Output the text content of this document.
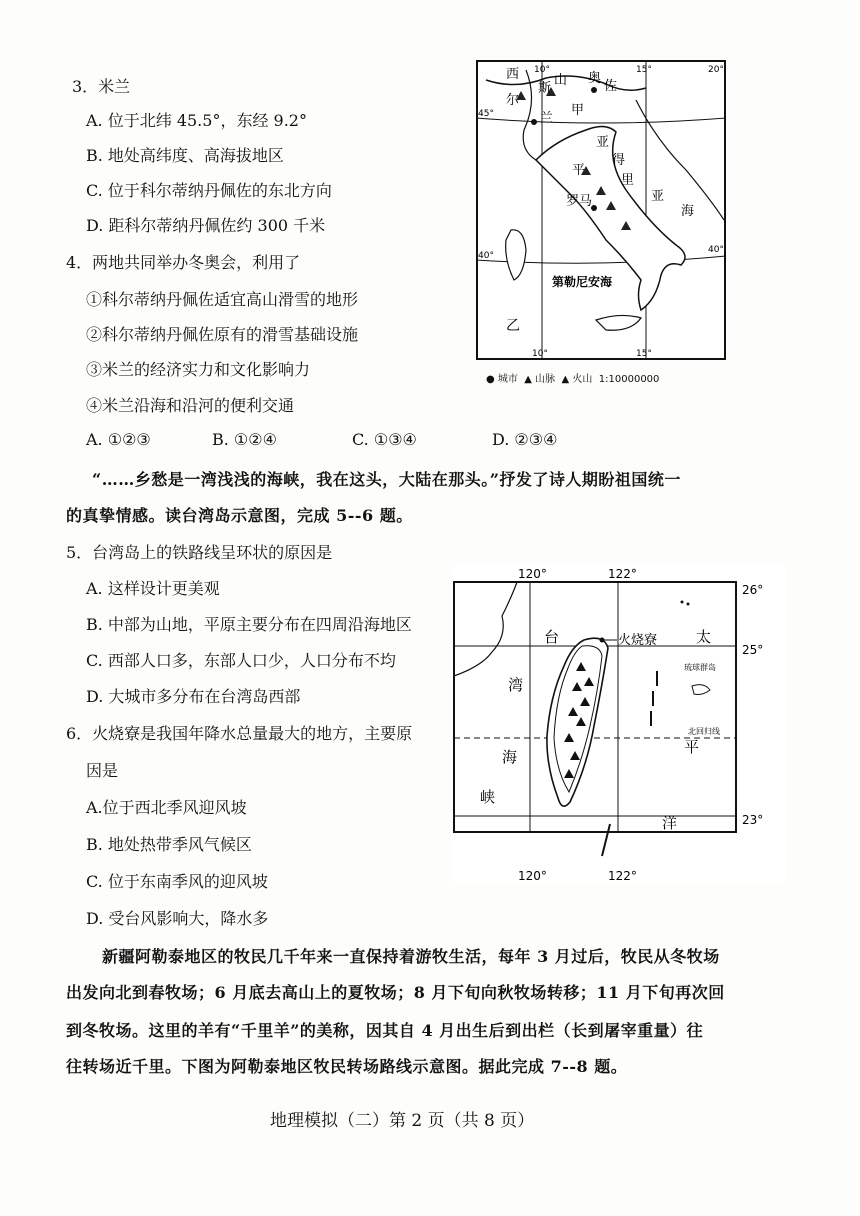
3．米兰
A. 位于北纬 45.5°，东经 9.2°
B. 地处高纬度、高海拔地区
C. 位于科尔蒂纳丹佩佐的东北方向
D. 距科尔蒂纳丹佩佐约 300 千米
4．两地共同举办冬奥会，利用了
①科尔蒂纳丹佩佐适宜高山滑雪的地形
②科尔蒂纳丹佩佐原有的滑雪基础设施
③米兰的经济实力和文化影响力
④米兰沿海和沿河的便利交通
A. ①②③	B. ①②④	C. ①③④	D. ②③④
10°	15°	20°
45°
40°
40°
10°	15°
西
斯
山 奥
甲
佐
尔
兰
亚
得
平
里
罗马	亚
海
第勒尼安海
乙
● 城市 ▲ 山脉 ▲ 火山 1:10000000
“……乡愁是一湾浅浅的海峡，我在这头，大陆在那头。”抒发了诗人期盼祖国统一
的真挚情感。读台湾岛示意图，完成 5--6 题。
5．台湾岛上的铁路线呈环状的原因是
A. 这样设计更美观
B. 中部为山地，平原主要分布在四周沿海地区
C. 西部人口多，东部人口少，人口分布不均
D. 大城市多分布在台湾岛西部
6．火烧寮是我国年降水总量最大的地方，主要原
因是
A.位于西北季风迎风坡
B. 地处热带季风气候区
C. 位于东南季风的迎风坡
D. 受台风影响大，降水多
120°	122°
120°	122°
26°
25°
23°
台
湾
海
峡
火烧寮	太
平
洋
琉球群岛
北回归线
新疆阿勒泰地区的牧民几千年来一直保持着游牧生活，每年 3 月过后，牧民从冬牧场
出发向北到春牧场；6 月底去高山上的夏牧场；8 月下旬向秋牧场转移；11 月下旬再次回
到冬牧场。这里的羊有“千里羊”的美称，因其自 4 月出生后到出栏（长到屠宰重量）往
往转场近千里。下图为阿勒泰地区牧民转场路线示意图。据此完成 7--8 题。
地理模拟（二）第 2 页（共 8 页）
